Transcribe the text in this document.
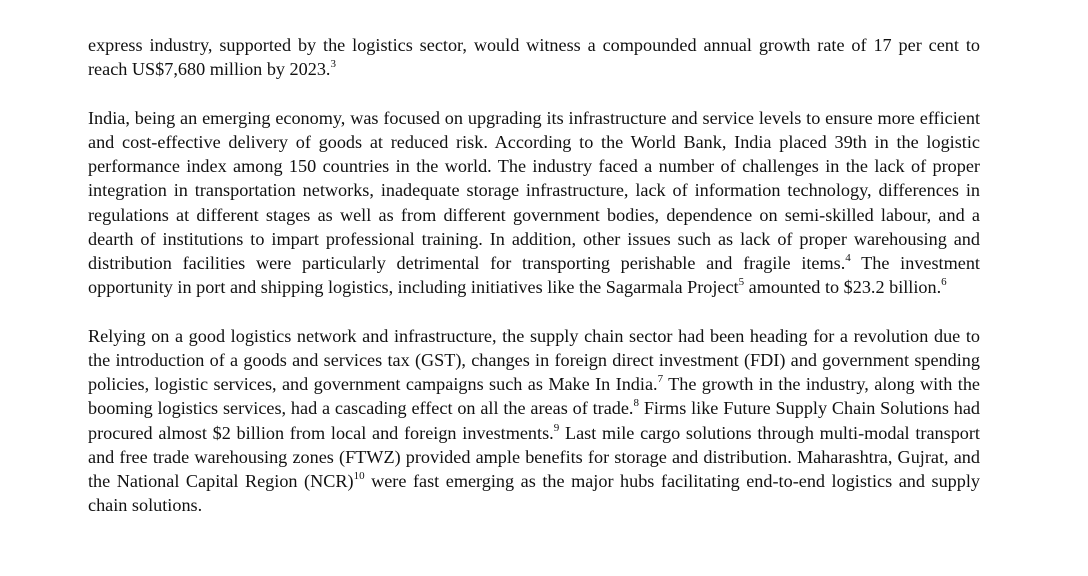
express industry, supported by the logistics sector, would witness a compounded annual growth rate of 17 per cent to reach US$7,680 million by 2023.$^3$

India, being an emerging economy, was focused on upgrading its infrastructure and service levels to ensure more efficient and cost-effective delivery of goods at reduced risk. According to the World Bank, India placed 39th in the logistic performance index among 150 countries in the world. The industry faced a number of challenges in the lack of proper integration in transportation networks, inadequate storage infrastructure, lack of information technology, differences in regulations at different stages as well as from different government bodies, dependence on semi-skilled labour, and a dearth of institutions to impart professional training. In addition, other issues such as lack of proper warehousing and distribution facilities were particularly detrimental for transporting perishable and fragile items.$^4$ The investment opportunity in port and shipping logistics, including initiatives like the Sagarmala Project$^5$ amounted to $23.2 billion.$^6$

Relying on a good logistics network and infrastructure, the supply chain sector had been heading for a revolution due to the introduction of a goods and services tax (GST), changes in foreign direct investment (FDI) and government spending policies, logistic services, and government campaigns such as Make In India.$^7$ The growth in the industry, along with the booming logistics services, had a cascading effect on all the areas of trade.$^8$ Firms like Future Supply Chain Solutions had procured almost $2 billion from local and foreign investments.$^9$ Last mile cargo solutions through multi-modal transport and free trade warehousing zones (FTWZ) provided ample benefits for storage and distribution. Maharashtra, Gujrat, and the National Capital Region (NCR)$^{10}$ were fast emerging as the major hubs facilitating end-to-end logistics and supply chain solutions.
